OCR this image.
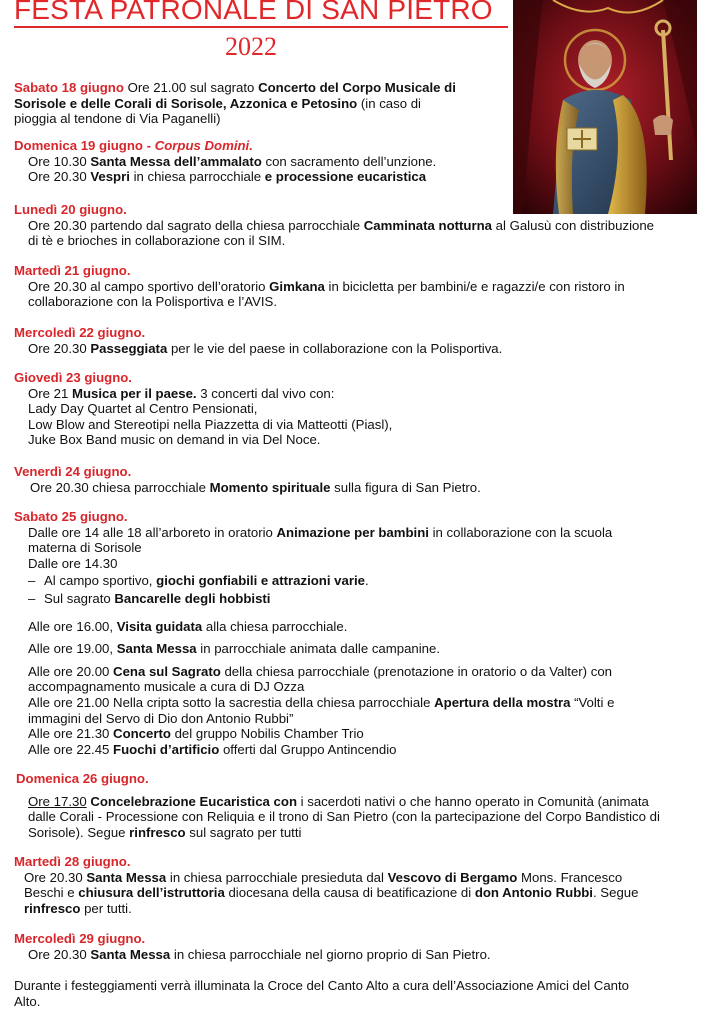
FESTA PATRONALE DI SAN PIETRO
2022
Sabato 18 giugno Ore 21.00 sul sagrato Concerto del Corpo Musicale di
Sorisole e delle Corali di Sorisole, Azzonica e Petosino (in caso di
pioggia al tendone di Via Paganelli)
Domenica 19 giugno - Corpus Domini.
Ore 10.30 Santa Messa dell’ammalato con sacramento dell’unzione.
Ore 20.30 Vespri in chiesa parrocchiale e processione eucaristica
Lunedì 20 giugno.
Ore 20.30 partendo dal sagrato della chiesa parrocchiale Camminata notturna al Galusù con distribuzione
di tè e brioches in collaborazione con il SIM.
Martedì 21 giugno.
Ore 20.30 al campo sportivo dell’oratorio Gimkana in bicicletta per bambini/e e ragazzi/e con ristoro in
collaborazione con la Polisportiva e l’AVIS.
Mercoledì 22 giugno.
Ore 20.30 Passeggiata per le vie del paese in collaborazione con la Polisportiva.
Giovedì 23 giugno.
Ore 21 Musica per il paese. 3 concerti dal vivo con:
Lady Day Quartet al Centro Pensionati,
Low Blow and Stereotipi nella Piazzetta di via Matteotti (Piasl),
Juke Box Band music on demand in via Del Noce.
Venerdì 24 giugno.
Ore 20.30 chiesa parrocchiale Momento spirituale sulla figura di San Pietro.
Sabato 25 giugno.
Dalle ore 14 alle 18 all’arboreto in oratorio Animazione per bambini in collaborazione con la scuola
materna di Sorisole
Dalle ore 14.30
– Al campo sportivo, giochi gonfiabili e attrazioni varie.
– Sul sagrato Bancarelle degli hobbisti
Alle ore 16.00, Visita guidata alla chiesa parrocchiale.
Alle ore 19.00, Santa Messa in parrocchiale animata dalle campanine.
Alle ore 20.00 Cena sul Sagrato della chiesa parrocchiale (prenotazione in oratorio o da Valter) con
accompagnamento musicale a cura di DJ Ozza
Alle ore 21.00 Nella cripta sotto la sacrestia della chiesa parrocchiale Apertura della mostra “Volti e
immagini del Servo di Dio don Antonio Rubbi”
Alle ore 21.30 Concerto del gruppo Nobilis Chamber Trio
Alle ore 22.45 Fuochi d’artificio offerti dal Gruppo Antincendio
Domenica 26 giugno.
Ore 17.30 Concelebrazione Eucaristica con i sacerdoti nativi o che hanno operato in Comunità (animata
dalle Corali - Processione con Reliquia e il trono di San Pietro (con la partecipazione del Corpo Bandistico di
Sorisole). Segue rinfresco sul sagrato per tutti
Martedì 28 giugno.
Ore 20.30 Santa Messa in chiesa parrocchiale presieduta dal Vescovo di Bergamo Mons. Francesco
Beschi e chiusura dell’istruttoria diocesana della causa di beatificazione di don Antonio Rubbi. Segue
rinfresco per tutti.
Mercoledì 29 giugno.
Ore 20.30 Santa Messa in chiesa parrocchiale nel giorno proprio di San Pietro.
Durante i festeggiamenti verrà illuminata la Croce del Canto Alto a cura dell’Associazione Amici del Canto
Alto.
